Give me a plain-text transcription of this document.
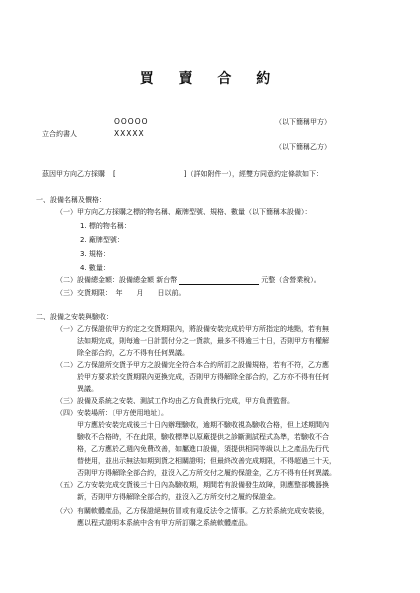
買 賣 合 約
OOOOO	（以下簡稱甲方）
立合約書人	XXXXX
（以下簡稱乙方）
茲因甲方向乙方採購 [	]（詳如附件一），經雙方同意約定條款如下：
一、設備名稱及價格：
（一）甲方向乙方採購之標的物名稱、廠牌型號、規格、數量（以下簡稱本設備）：
1. 標的物名稱：
2. 廠牌型號：
3. 規格：
4. 數量：
（二）設備總金額：設備總金額 新台幣	元整（含營業稅）。
（三）交貨期限：　年　　月　　日以前。
二、設備之安裝與驗收：
（一）乙方保證依甲方約定之交貨期限內，將設備安裝完成於甲方所指定的地點，若有無
法如期完成，則每逾一日計罰付分之一貨款，最多不得逾三十日，否則甲方有權解
除全部合約，乙方不得有任何異議。
（二）乙方保證所交貨予甲方之設備完全符合本合約所訂之設備規格，若有不符，乙方應
於甲方要求於交貨期限內更換完成，否則甲方得解除全部合約，乙方亦不得有任何
異議。
（三）設備及系統之安裝、測試工作均由乙方負責執行完成，甲方負責監督。
（四）安裝場所：〔甲方使用地址〕。
甲方應於安裝完成後三十日內辦理驗收，逾期不驗收視為驗收合格，但上述期間內
驗收不合格時，不在此限，驗收標準以原廠提供之診斷測試程式為準，若驗收不合
格，乙方應於乙週內免費改善，如屬進口設備，須提供相同等級以上之產品先行代
替使用，並出示無法如期到貨之相關證明；但最終改善完成期限，不得超過三十天，
否則甲方得解除全部合約，並沒入乙方所交付之履約保證金，乙方不得有任何異議。
（五）乙方安裝完成交貨後三十日內為驗收期，期間若有設備發生故障，則應整部機器換
新，否則甲方得解除全部合約，並沒入乙方所交付之履約保證金。
（六）有關軟體產品，乙方保證絕無仿冒或有違反法令之情事。乙方於系統完成安裝後，
應以程式證明本系統中含有甲方所訂購之系統軟體產品。
